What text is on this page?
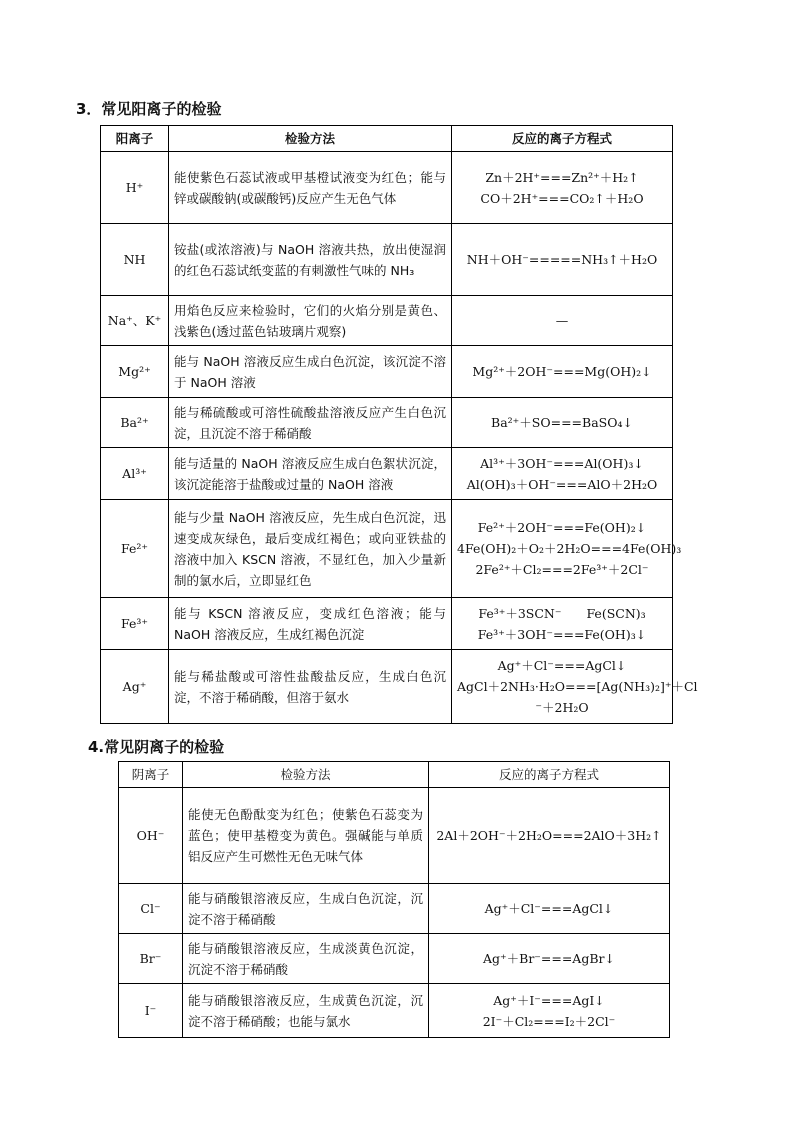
3．常见阳离子的检验
阳离子	检验方法	反应的离子方程式
H⁺	能使紫色石蕊试液或甲基橙试液变为红色；能与锌或碳酸钠(或碳酸钙)反应产生无色气体	Zn＋2H⁺===Zn²⁺＋H₂↑
CO＋2H⁺===CO₂↑＋H₂O

NH	铵盐(或浓溶液)与 NaOH 溶液共热，放出使湿润的红色石蕊试纸变蓝的有刺激性气味的 NH₃	NH＋OH⁻=====NH₃↑＋H₂O

Na⁺、K⁺	用焰色反应来检验时，它们的火焰分别是黄色、浅紫色(透过蓝色钴玻璃片观察)	—

Mg²⁺	能与 NaOH 溶液反应生成白色沉淀，该沉淀不溶于 NaOH 溶液	Mg²⁺＋2OH⁻===Mg(OH)₂↓

Ba²⁺	能与稀硫酸或可溶性硫酸盐溶液反应产生白色沉淀，且沉淀不溶于稀硝酸	Ba²⁺＋SO===BaSO₄↓

Al³⁺	能与适量的 NaOH 溶液反应生成白色絮状沉淀，该沉淀能溶于盐酸或过量的 NaOH 溶液	Al³⁺＋3OH⁻===Al(OH)₃↓
Al(OH)₃＋OH⁻===AlO＋2H₂O

Fe²⁺	能与少量 NaOH 溶液反应，先生成白色沉淀，迅速变成灰绿色，最后变成红褐色；或向亚铁盐的溶液中加入 KSCN 溶液，不显红色，加入少量新制的氯水后，立即显红色	Fe²⁺＋2OH⁻===Fe(OH)₂↓
4Fe(OH)₂＋O₂＋2H₂O===4Fe(OH)₃
2Fe²⁺＋Cl₂===2Fe³⁺＋2Cl⁻

Fe³⁺	能与 KSCN 溶液反应，变成红色溶液；能与 NaOH 溶液反应，生成红褐色沉淀	Fe³⁺＋3SCN⁻　　Fe(SCN)₃
Fe³⁺＋3OH⁻===Fe(OH)₃↓

Ag⁺	能与稀盐酸或可溶性盐酸盐反应，生成白色沉淀，不溶于稀硝酸，但溶于氨水	Ag⁺＋Cl⁻===AgCl↓
AgCl＋2NH₃·H₂O===[Ag(NH₃)₂]⁺＋Cl
⁻＋2H₂O
4.常见阴离子的检验
阴离子	检验方法	反应的离子方程式
OH⁻	能使无色酚酞变为红色；使紫色石蕊变为蓝色；使甲基橙变为黄色。强碱能与单质铝反应产生可燃性无色无味气体	2Al＋2OH⁻＋2H₂O===2AlO＋3H₂↑

Cl⁻	能与硝酸银溶液反应，生成白色沉淀，沉淀不溶于稀硝酸	Ag⁺＋Cl⁻===AgCl↓

Br⁻	能与硝酸银溶液反应，生成淡黄色沉淀，沉淀不溶于稀硝酸	Ag⁺＋Br⁻===AgBr↓

I⁻	能与硝酸银溶液反应，生成黄色沉淀，沉淀不溶于稀硝酸；也能与氯水	Ag⁺＋I⁻===AgI↓
2I⁻＋Cl₂===I₂＋2Cl⁻
